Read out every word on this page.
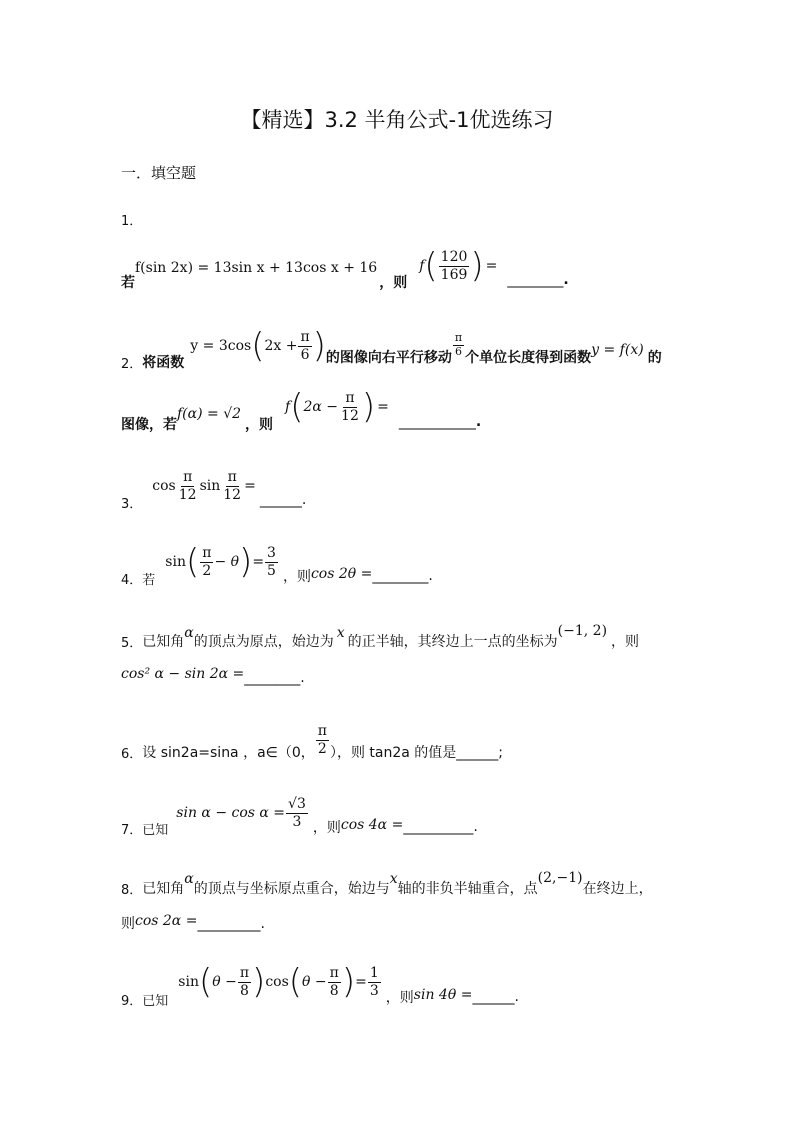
【精选】3.2 半角公式-1优选练习
一．填空题
1．
若
f(sin 2x) = 13sin x + 13cos x + 16
，则
f ( $\frac{120}{169}$ ) =
________ .
2． 将函数
y = 3cos ( $2x + \frac{\pi}{6}$ ) 的图像向右平行移动 $\frac{\pi}{6}$ 个单位长度得到函数 y = f(x) 的
图像，若
f(α) = √2
，则
f ( $2\alpha - \frac{\pi}{12}$ ) =
___________ .
3．
$\cos \frac{\pi}{12}$ $\sin \frac{\pi}{12}$ =
______.
4．若
sin ( $\frac{\pi}{2} - \theta$ ) = $\frac{3}{5}$ ，则 cos 2θ = ________.
5． 已知角
α
的顶点为原点，始边为
x
的正半轴，其终边上一点的坐标为
(−1, 2)
，则
cos² α − sin 2α = ________.
6． 设 sin2a=sina ，a∈（0， $\frac{\pi}{2}$ ），则 tan2a 的值是______;
7．已知
$\sin \alpha - \cos \alpha = \frac{√3}{3}$ ，则 cos 4α = __________.
8． 已知角
α
的顶点与坐标原点重合，始边与
x
轴的非负半轴重合，点
(2,−1)
在终边上，
则 cos 2α = _________.
9．已知
sin ( $\theta - \frac{\pi}{8}$ ) cos ( $\theta - \frac{\pi}{8}$ ) = $\frac{1}{3}$ ，则 sin 4θ = ______.
